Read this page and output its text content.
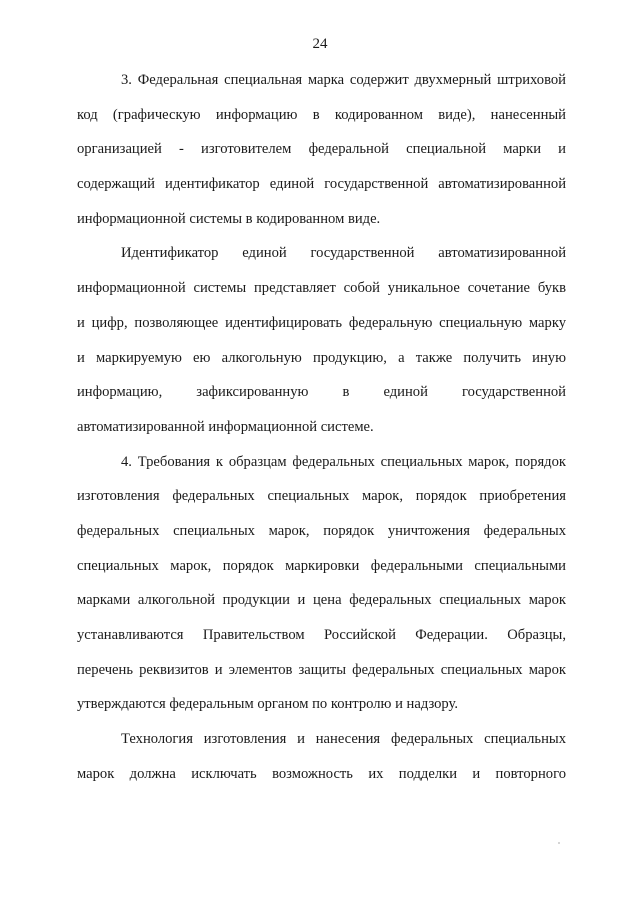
24
3. Федеральная специальная марка содержит двухмерный штриховой
код (графическую информацию в кодированном виде), нанесенный
организацией - изготовителем федеральной специальной марки и
содержащий идентификатор единой государственной автоматизированной
информационной системы в кодированном виде.
Идентификатор единой государственной автоматизированной
информационной системы представляет собой уникальное сочетание букв
и цифр, позволяющее идентифицировать федеральную специальную марку
и маркируемую ею алкогольную продукцию, а также получить иную
информацию, зафиксированную в единой государственной
автоматизированной информационной системе.
4. Требования к образцам федеральных специальных марок, порядок
изготовления федеральных специальных марок, порядок приобретения
федеральных специальных марок, порядок уничтожения федеральных
специальных марок, порядок маркировки федеральными специальными
марками алкогольной продукции и цена федеральных специальных марок
устанавливаются Правительством Российской Федерации. Образцы,
перечень реквизитов и элементов защиты федеральных специальных марок
утверждаются федеральным органом по контролю и надзору.
Технология изготовления и нанесения федеральных специальных
марок должна исключать возможность их подделки и повторного
